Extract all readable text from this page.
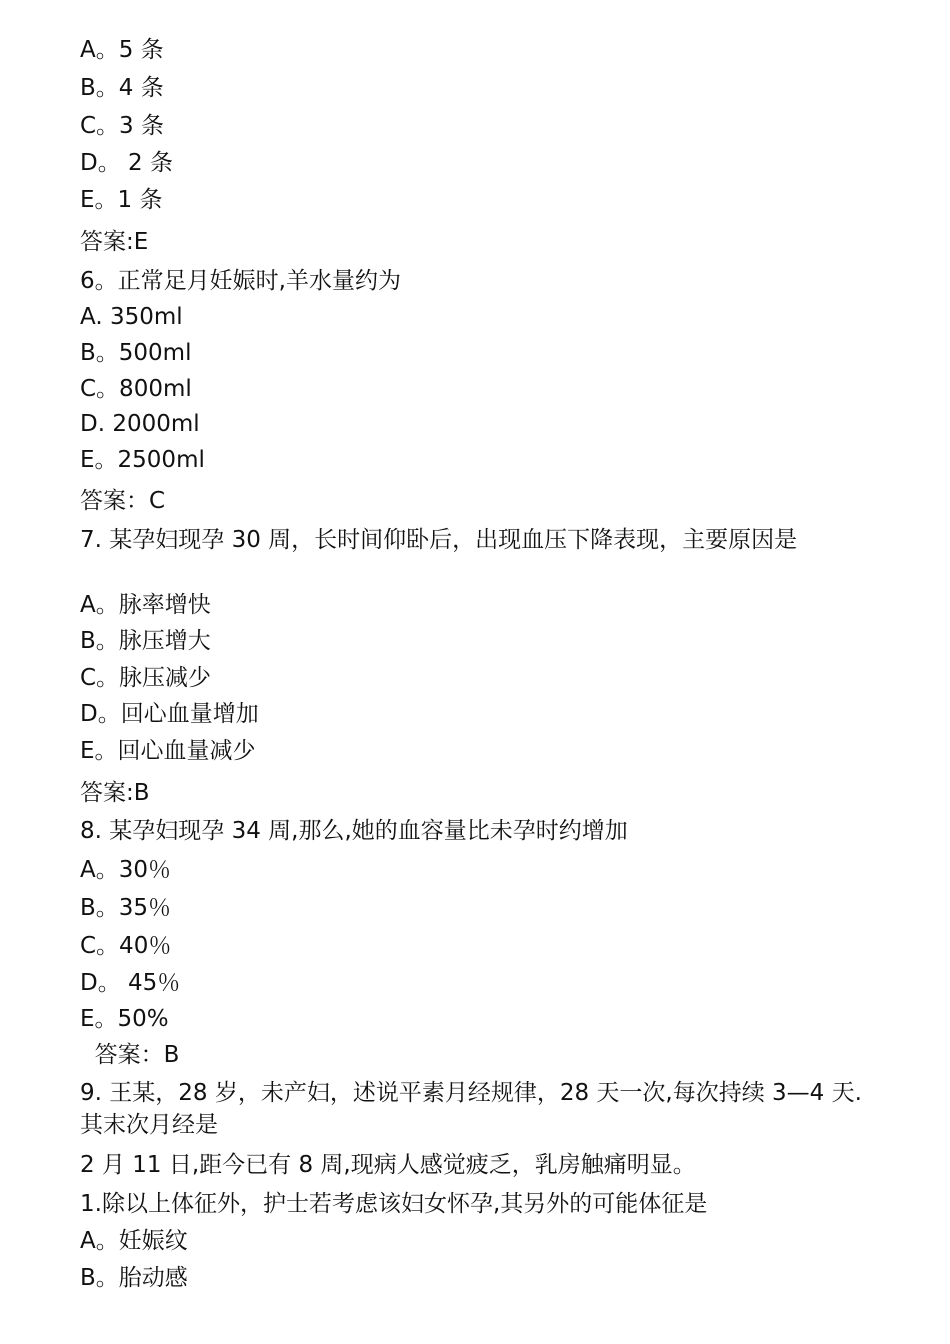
A。5 条
B。4 条
C。3 条
D。 2 条
E。1 条
答案:E
6。正常足月妊娠时,羊水量约为
A. 350ml
B。500ml
C。800ml
D. 2000ml
E。2500ml
答案：C
7. 某孕妇现孕 30 周，长时间仰卧后，出现血压下降表现，主要原因是
A。脉率增快
B。脉压增大
C。脉压减少
D。回心血量增加
E。回心血量减少
答案:B
8. 某孕妇现孕 34 周,那么,她的血容量比未孕时约增加
A。30％
B。35％
C。40％
D。 45％
E。50%
答案：B
9. 王某，28 岁，未产妇，述说平素月经规律，28 天一次,每次持续 3—4 天.其末次月经是
2 月 11 日,距今已有 8 周,现病人感觉疲乏，乳房触痛明显。
1.除以上体征外，护士若考虑该妇女怀孕,其另外的可能体征是
A。妊娠纹
B。胎动感
